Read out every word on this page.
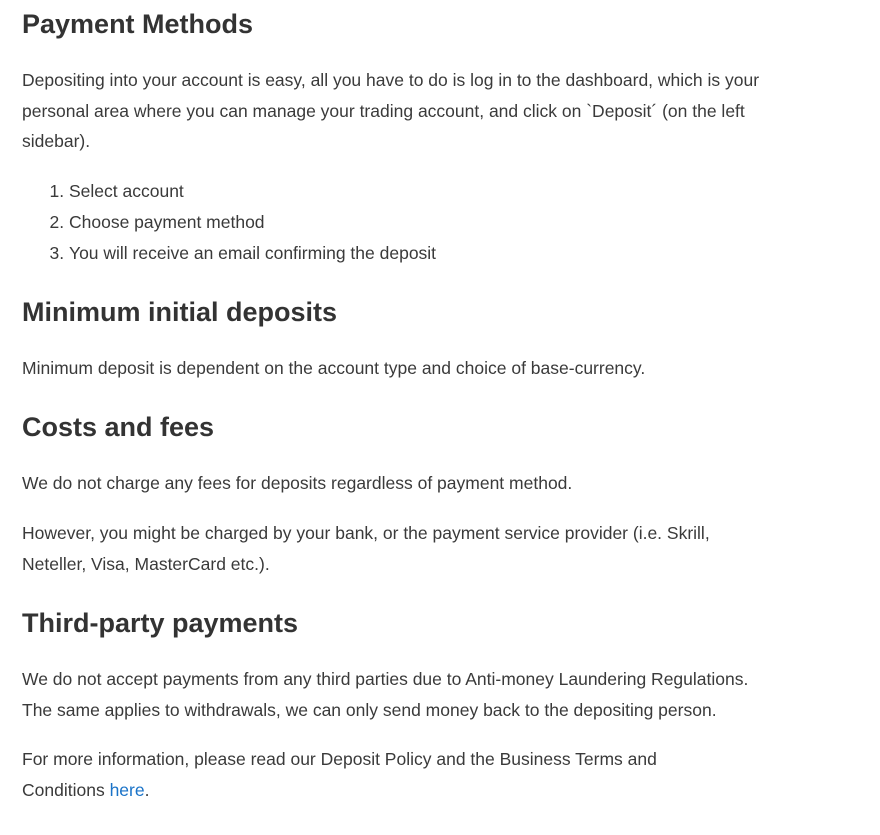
Payment Methods

Depositing into your account is easy, all you have to do is log in to the dashboard, which is your personal area where you can manage your trading account, and click on `Deposit´ (on the left sidebar).

1. Select account
2. Choose payment method
3. You will receive an email confirming the deposit
Minimum initial deposits

Minimum deposit is dependent on the account type and choice of base-currency.

Costs and fees

We do not charge any fees for deposits regardless of payment method.

However, you might be charged by your bank, or the payment service provider (i.e. Skrill, Neteller, Visa, MasterCard etc.).

Third-party payments

We do not accept payments from any third parties due to Anti-money Laundering Regulations. The same applies to withdrawals, we can only send money back to the depositing person.

For more information, please read our Deposit Policy and the Business Terms and Conditions here.
